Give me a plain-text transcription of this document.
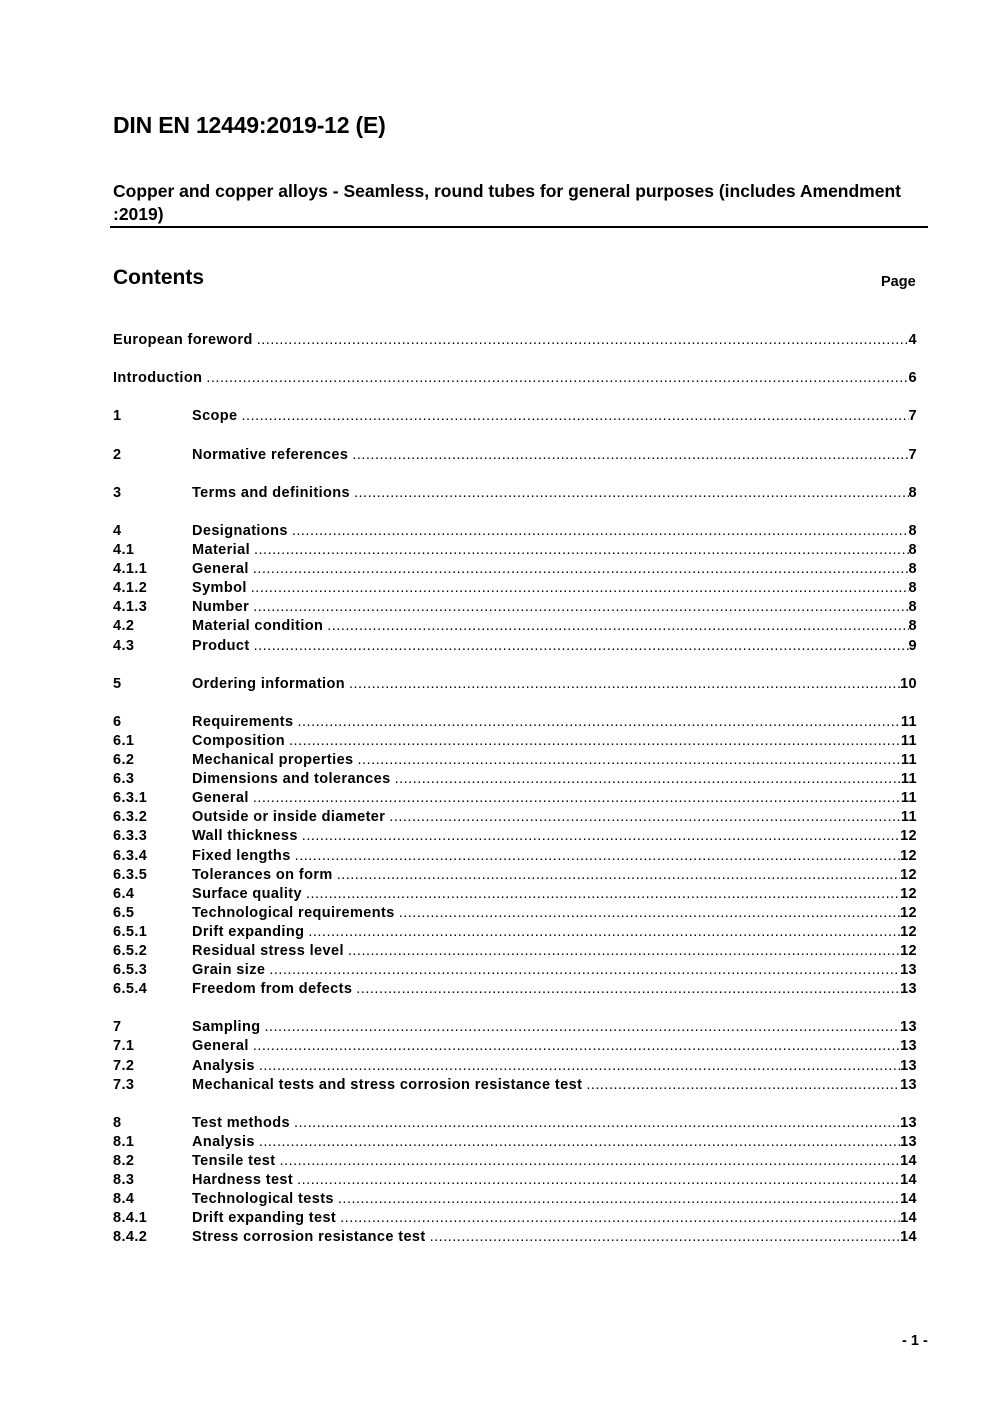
DIN EN 12449:2019-12 (E)
Copper and copper alloys - Seamless, round tubes for general purposes (includes Amendment :2019)
Contents	Page
European foreword .....	4
Introduction .....	6
1	Scope .....	7
2	Normative references .....	7
3	Terms and definitions .....	8
4	Designations .....	8
4.1	Material .....	8
4.1.1	General .....	8
4.1.2	Symbol .....	8
4.1.3	Number .....	8
4.2	Material condition .....	8
4.3	Product .....	9
5	Ordering information .....	10
6	Requirements .....	11
6.1	Composition .....	11
6.2	Mechanical properties .....	11
6.3	Dimensions and tolerances .....	11
6.3.1	General .....	11
6.3.2	Outside or inside diameter .....	11
6.3.3	Wall thickness .....	12
6.3.4	Fixed lengths .....	12
6.3.5	Tolerances on form .....	12
6.4	Surface quality .....	12
6.5	Technological requirements .....	12
6.5.1	Drift expanding .....	12
6.5.2	Residual stress level .....	12
6.5.3	Grain size .....	13
6.5.4	Freedom from defects .....	13
7	Sampling .....	13
7.1	General .....	13
7.2	Analysis .....	13
7.3	Mechanical tests and stress corrosion resistance test .....	13
8	Test methods .....	13
8.1	Analysis .....	13
8.2	Tensile test .....	14
8.3	Hardness test .....	14
8.4	Technological tests .....	14
8.4.1	Drift expanding test .....	14
8.4.2	Stress corrosion resistance test .....	14
- 1 -
